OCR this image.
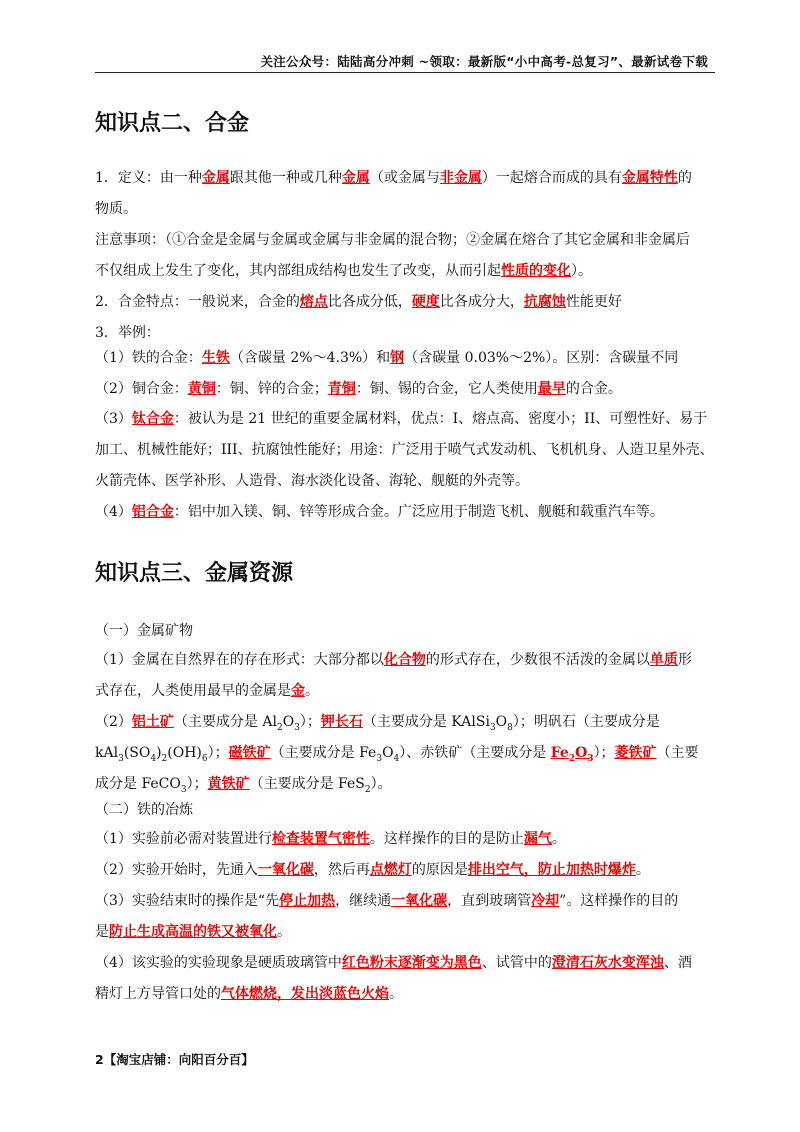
关注公众号：陆陆高分冲刺 ~领取：最新版“小中高考-总复习”、最新试卷下载
知识点二、合金
1．定义：由一种金属跟其他一种或几种金属（或金属与非金属）一起熔合而成的具有金属特性的
物质。
注意事项：（①合金是金属与金属或金属与非金属的混合物；②金属在熔合了其它金属和非金属后
不仅组成上发生了变化，其内部组成结构也发生了改变，从而引起性质的变化）。
2．合金特点：一般说来，合金的熔点比各成分低，硬度比各成分大，抗腐蚀性能更好
3．举例：
（1）铁的合金：生铁（含碳量 2%～4.3%）和钢（含碳量 0.03%～2%）。区别：含碳量不同
（2）铜合金：黄铜：铜、锌的合金；青铜：铜、锡的合金，它人类使用最早的合金。
（3）钛合金：被认为是 21 世纪的重要金属材料，优点：I、熔点高、密度小；II、可塑性好、易于
加工、机械性能好；III、抗腐蚀性能好；用途：广泛用于喷气式发动机、飞机机身、人造卫星外壳、
火箭壳体、医学补形、人造骨、海水淡化设备、海轮、舰艇的外壳等。
（4）铝合金：铝中加入镁、铜、锌等形成合金。广泛应用于制造飞机、舰艇和载重汽车等。
知识点三、金属资源
（一）金属矿物
（1）金属在自然界在的存在形式：大部分都以化合物的形式存在，少数很不活泼的金属以单质形
式存在，人类使用最早的金属是金。
（2）铝土矿（主要成分是 $Al_2O_3$）；钾长石（主要成分是 $KAlSi_3O_8$）；明矾石（主要成分是
$kAl_3(SO_4)_2(OH)_6$）；磁铁矿（主要成分是 $Fe_3O_4$）、赤铁矿（主要成分是 $Fe_2O_3$）；菱铁矿（主要
成分是 FeCO$_3$）；黄铁矿（主要成分是 FeS$_2$）。
（二）铁的冶炼
（1）实验前必需对装置进行检查装置气密性。这样操作的目的是防止漏气。
（2）实验开始时，先通入一氧化碳，然后再点燃灯的原因是排出空气，防止加热时爆炸。
（3）实验结束时的操作是“先停止加热，继续通一氧化碳，直到玻璃管冷却”。这样操作的目的
是防止生成高温的铁又被氧化。
（4）该实验的实验现象是硬质玻璃管中红色粉末逐渐变为黑色、试管中的澄清石灰水变浑浊、酒
精灯上方导管口处的气体燃烧，发出淡蓝色火焰。
2【淘宝店铺：向阳百分百】
